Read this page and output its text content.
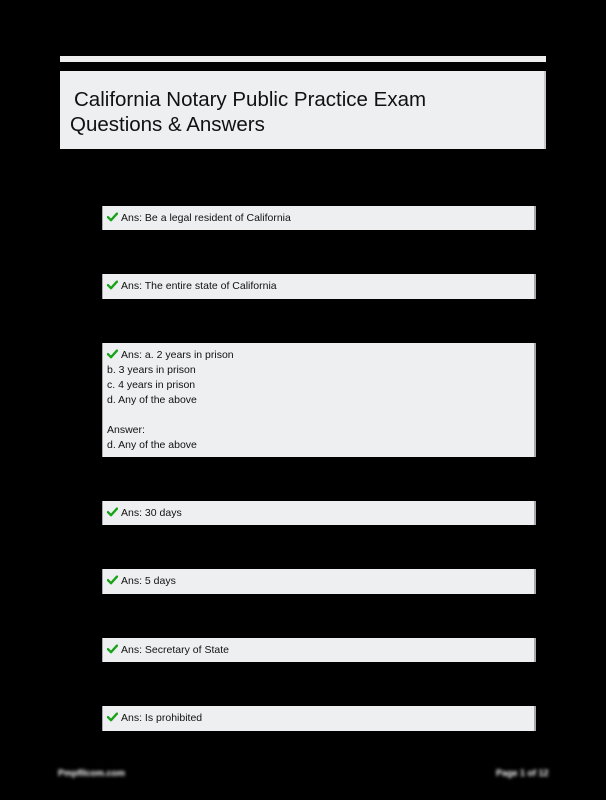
California Notary Public Practice Exam
Questions & Answers
Ans: Be a legal resident of California
Ans: The entire state of California
Ans: a. 2 years in prison
b. 3 years in prison
c. 4 years in prison
d. Any of the above
Answer:
d. Any of the above
Ans: 30 days
Ans: 5 days
Ans: Secretary of State
Ans: Is prohibited
Pmpfllcom.com	Page 1 of 12
